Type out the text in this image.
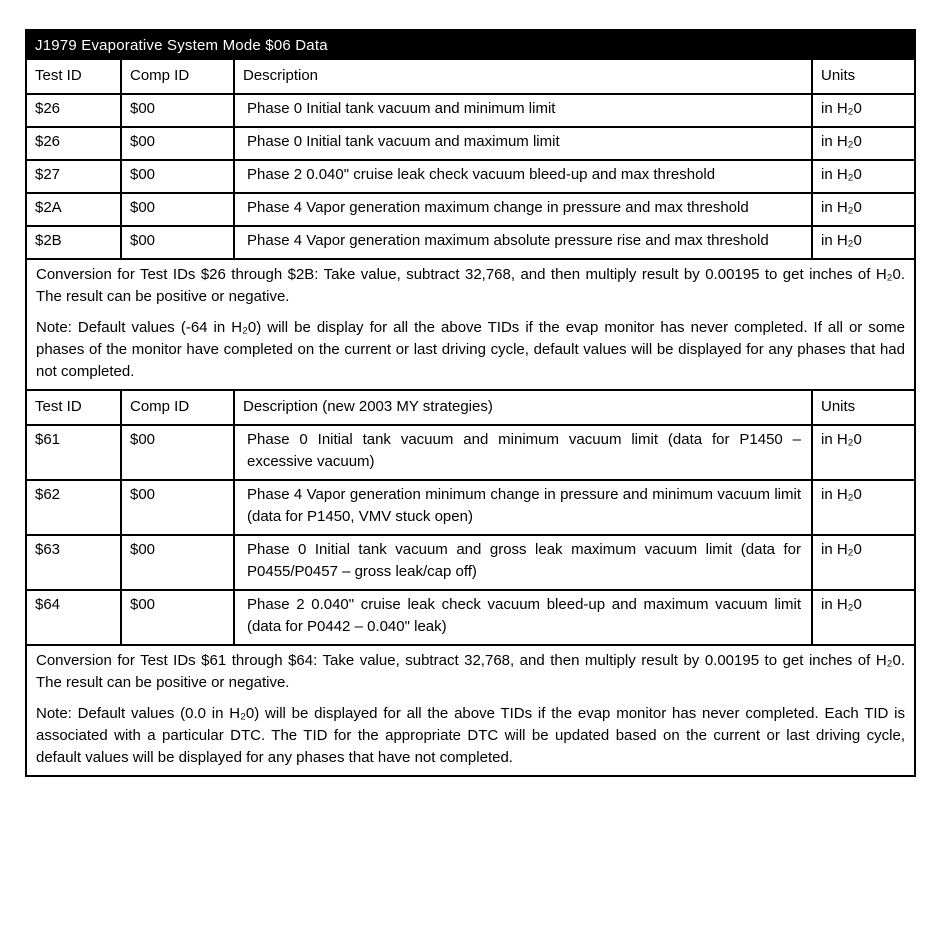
J1979 Evaporative System Mode $06 Data
Test ID	Comp ID	Description	Units
$26	$00	Phase 0 Initial tank vacuum and minimum limit	in H₂0
$26	$00	Phase 0 Initial tank vacuum and maximum limit	in H₂0
$27	$00	Phase 2 0.040" cruise leak check vacuum bleed-up and max threshold	in H₂0
$2A	$00	Phase 4 Vapor generation maximum change in pressure and max threshold	in H₂0
$2B	$00	Phase 4 Vapor generation maximum absolute pressure rise and max threshold	in H₂0

Conversion for Test IDs $26 through $2B: Take value, subtract 32,768, and then multiply result by 0.00195 to get inches of H₂0. The result can be positive or negative.

Note: Default values (-64 in H₂0) will be display for all the above TIDs if the evap monitor has never completed. If all or some phases of the monitor have completed on the current or last driving cycle, default values will be displayed for any phases that had not completed.			

Test ID	Comp ID	Description (new 2003 MY strategies)	Units
$61	$00	Phase 0 Initial tank vacuum and minimum vacuum limit (data for P1450 – excessive vacuum)	in H₂0
$62	$00	Phase 4 Vapor generation minimum change in pressure and minimum vacuum limit (data for P1450, VMV stuck open)	in H₂0
$63	$00	Phase 0 Initial tank vacuum and gross leak maximum vacuum limit (data for P0455/P0457 – gross leak/cap off)	in H₂0
$64	$00	Phase 2 0.040" cruise leak check vacuum bleed-up and maximum vacuum limit (data for P0442 – 0.040" leak)	in H₂0

Conversion for Test IDs $61 through $64: Take value, subtract 32,768, and then multiply result by 0.00195 to get inches of H₂0. The result can be positive or negative.

Note: Default values (0.0 in H₂0) will be displayed for all the above TIDs if the evap monitor has never completed. Each TID is associated with a particular DTC. The TID for the appropriate DTC will be updated based on the current or last driving cycle, default values will be displayed for any phases that have not completed.			
